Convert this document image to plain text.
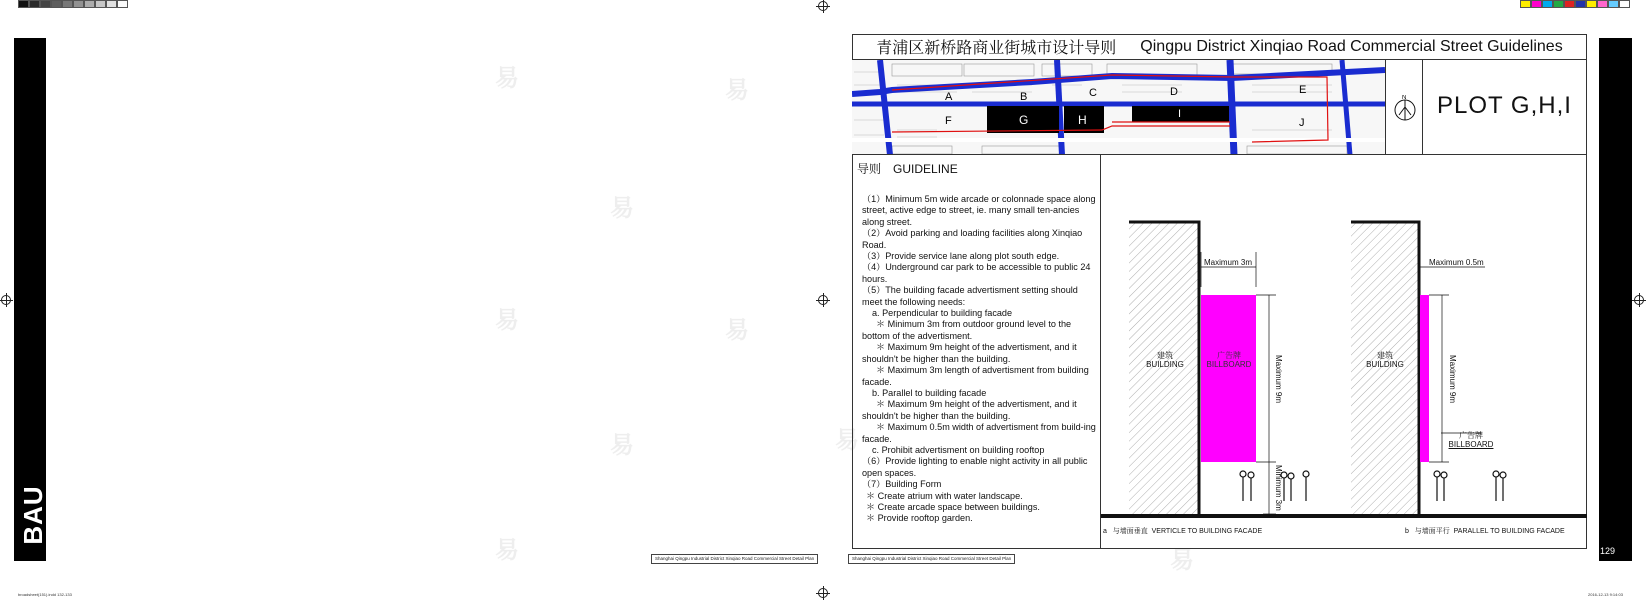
易	易
易	易
易
易
易
易
易
BAU
129
Shanghai Qingpu Industrial District Xinqiao Road Commercial Street Detail Plan	Shanghai Qingpu Industrial District Xinqiao Road Commercial Street Detail Plan
broadsheet(151).indd 132-133	2016-12-13 9:14:03
青浦区新桥路商业街城市设计导则 Qingpu District Xinqiao Road Commercial Street Guidelines
A	B	C	D	E
F	G	H	I
J
N PLOT G,H,I
导则 GUIDELINE

（1）Minimum 5m wide arcade or colonnade space along street, active edge to street, ie. many small ten-ancies along street.

（2）Avoid parking and loading facilities along Xinqiao Road.

（3）Provide service lane along plot south edge.

（4）Underground car park to be accessible to public 24 hours.

（5）The building facade advertisment setting should meet the following needs:

a. Perpendicular to building facade

＊ Minimum 3m from outdoor ground level to the bottom of the advertisment.

＊ Maximum 9m height of the advertisment, and it shouldn't be higher than the building.

＊ Maximum 3m length of advertisment from building facade.

b. Parallel to building facade

＊ Maximum 9m height of the advertisment, and it shouldn't be higher than the building.

＊ Maximum 0.5m width of advertisment from build-ing facade.

c. Prohibit advertisment on building rooftop

（6）Provide lighting to enable night activity in all public open spaces.

（7）Building Form

＊ Create atrium with water landscape.

＊ Create arcade space between buildings.

＊ Provide rooftop garden.

建筑
BUILDING
广告牌
BILLBOARD
Maximum 3m
Maximum 9m
Minimum 3m
建筑
BUILDING
Maximum 0.5m
Maximum 9m
广告牌
BILLBOARD
a 与墙面垂直 VERTICLE TO BUILDING FACADE	b 与墙面平行 PARALLEL TO BUILDING FACADE
